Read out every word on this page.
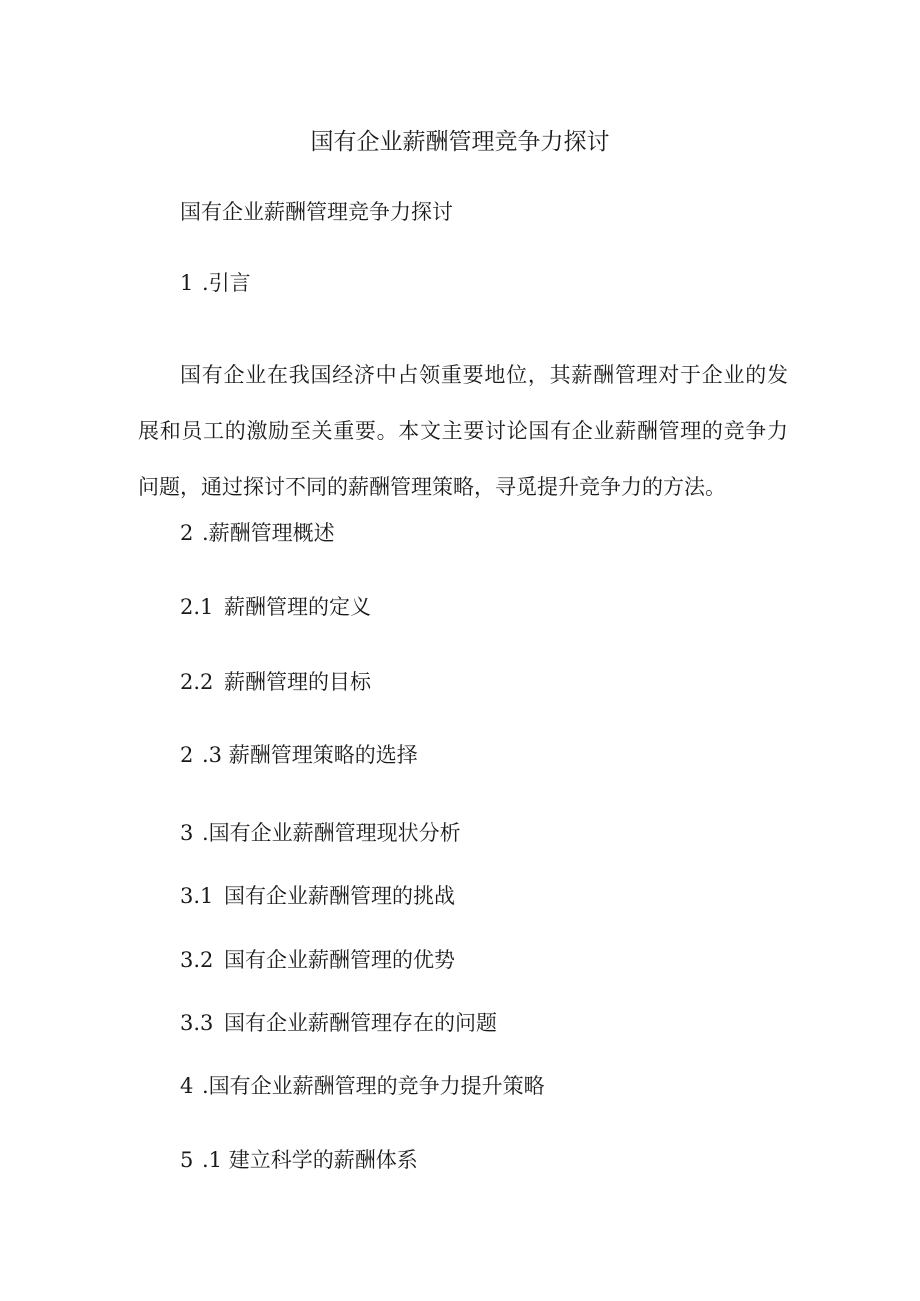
国有企业薪酬管理竞争力探讨
国有企业薪酬管理竞争力探讨
1 .引言
国有企业在我国经济中占领重要地位，其薪酬管理对于企业的发展和员工的激励至关重要。本文主要讨论国有企业薪酬管理的竞争力问题，通过探讨不同的薪酬管理策略，寻觅提升竞争力的方法。
2 .薪酬管理概述
2.1 薪酬管理的定义
2.2 薪酬管理的目标
2 .3 薪酬管理策略的选择
3 .国有企业薪酬管理现状分析
3.1 国有企业薪酬管理的挑战
3.2 国有企业薪酬管理的优势
3.3 国有企业薪酬管理存在的问题
4 .国有企业薪酬管理的竞争力提升策略
5 .1 建立科学的薪酬体系
